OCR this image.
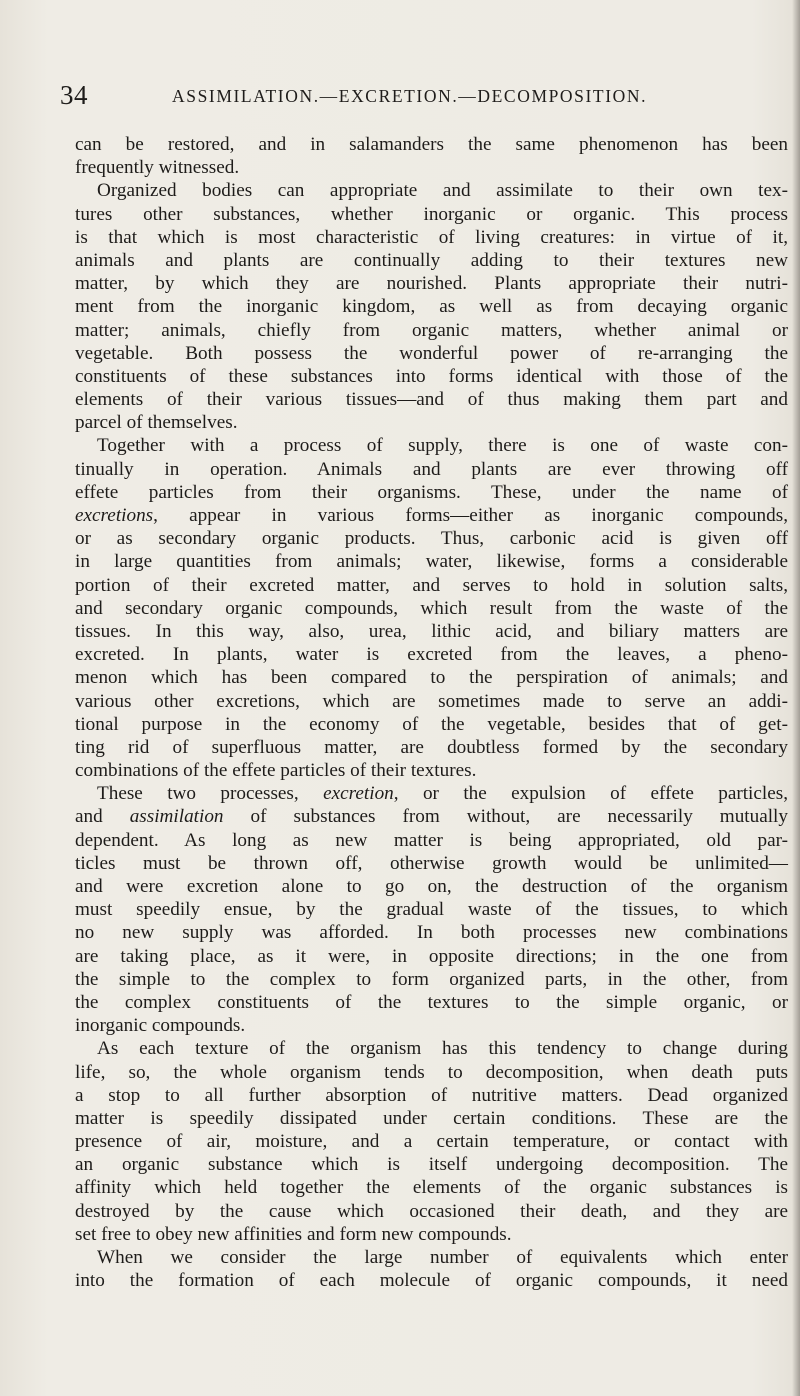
34	ASSIMILATION.—EXCRETION.—DECOMPOSITION.
can be restored, and in salamanders the same phenomenon has been
frequently witnessed.
Organized bodies can appropriate and assimilate to their own tex-
tures other substances, whether inorganic or organic. This process
is that which is most characteristic of living creatures: in virtue of it,
animals and plants are continually adding to their textures new
matter, by which they are nourished. Plants appropriate their nutri-
ment from the inorganic kingdom, as well as from decaying organic
matter; animals, chiefly from organic matters, whether animal or
vegetable. Both possess the wonderful power of re-arranging the
constituents of these substances into forms identical with those of the
elements of their various tissues—and of thus making them part and
parcel of themselves.
Together with a process of supply, there is one of waste con-
tinually in operation. Animals and plants are ever throwing off
effete particles from their organisms. These, under the name of
excretions, appear in various forms—either as inorganic compounds,
or as secondary organic products. Thus, carbonic acid is given off
in large quantities from animals; water, likewise, forms a considerable
portion of their excreted matter, and serves to hold in solution salts,
and secondary organic compounds, which result from the waste of the
tissues. In this way, also, urea, lithic acid, and biliary matters are
excreted. In plants, water is excreted from the leaves, a pheno-
menon which has been compared to the perspiration of animals; and
various other excretions, which are sometimes made to serve an addi-
tional purpose in the economy of the vegetable, besides that of get-
ting rid of superfluous matter, are doubtless formed by the secondary
combinations of the effete particles of their textures.
These two processes, excretion, or the expulsion of effete particles,
and assimilation of substances from without, are necessarily mutually
dependent. As long as new matter is being appropriated, old par-
ticles must be thrown off, otherwise growth would be unlimited—
and were excretion alone to go on, the destruction of the organism
must speedily ensue, by the gradual waste of the tissues, to which
no new supply was afforded. In both processes new combinations
are taking place, as it were, in opposite directions; in the one from
the simple to the complex to form organized parts, in the other, from
the complex constituents of the textures to the simple organic, or
inorganic compounds.
As each texture of the organism has this tendency to change during
life, so, the whole organism tends to decomposition, when death puts
a stop to all further absorption of nutritive matters. Dead organized
matter is speedily dissipated under certain conditions. These are the
presence of air, moisture, and a certain temperature, or contact with
an organic substance which is itself undergoing decomposition. The
affinity which held together the elements of the organic substances is
destroyed by the cause which occasioned their death, and they are
set free to obey new affinities and form new compounds.
When we consider the large number of equivalents which enter
into the formation of each molecule of organic compounds, it need
